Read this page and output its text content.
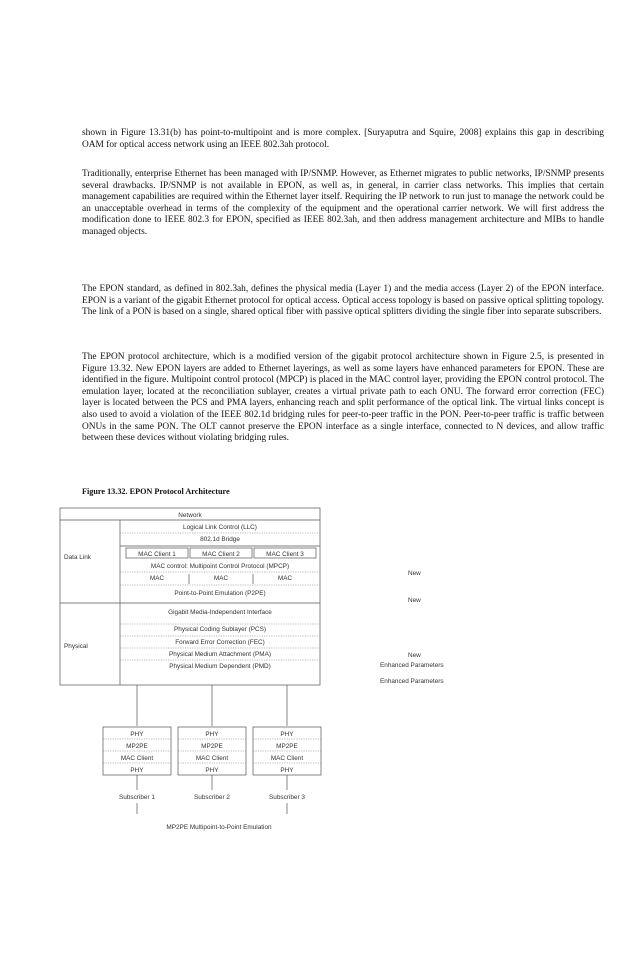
shown in Figure 13.31(b) has point-to-multipoint and is more complex. [Suryaputra and Squire, 2008] explains this gap in describing OAM for optical access network using an IEEE 802.3ah protocol.

Traditionally, enterprise Ethernet has been managed with IP/SNMP. However, as Ethernet migrates to public networks, IP/SNMP presents several drawbacks. IP/SNMP is not available in EPON, as well as, in general, in carrier class networks. This implies that certain management capabilities are required within the Ethernet layer itself. Requiring the IP network to run just to manage the network could be an unacceptable overhead in terms of the complexity of the equipment and the operational carrier network. We will first address the modification done to IEEE 802.3 for EPON, specified as IEEE 802.3ah, and then address management architecture and MIBs to handle managed objects.

The EPON standard, as defined in 802.3ah, defines the physical media (Layer 1) and the media access (Layer 2) of the EPON interface. EPON is a variant of the gigabit Ethernet protocol for optical access. Optical access topology is based on passive optical splitting topology. The link of a PON is based on a single, shared optical fiber with passive optical splitters dividing the single fiber into separate subscribers.

The EPON protocol architecture, which is a modified version of the gigabit protocol architecture shown in Figure 2.5, is presented in Figure 13.32. New EPON layers are added to Ethernet layerings, as well as some layers have enhanced parameters for EPON. These are identified in the figure. Multipoint control protocol (MPCP) is placed in the MAC control layer, providing the EPON control protocol. The emulation layer, located at the reconciliation sublayer, creates a virtual private path to each ONU. The forward error correction (FEC) layer is located between the PCS and PMA layers, enhancing reach and split performance of the optical link. The virtual links concept is also used to avoid a violation of the IEEE 802.1d bridging rules for peer-to-peer traffic in the PON. Peer-to-peer traffic is traffic between ONUs in the same PON. The OLT cannot preserve the EPON interface as a single interface, connected to N devices, and allow traffic between these devices without violating bridging rules.

Figure 13.32. EPON Protocol Architecture
Network
Logical Link Control (LLC)
802.1d Bridge
MAC Client 1	MAC Client 2	MAC Client 3
MAC control: Multipoint Control Protocol (MPCP)
MAC	MAC	MAC
Point-to-Point Emulation (P2PE)
Gigabit Media-Independent Interface
Physical Coding Sublayer (PCS)
Forward Error Correction (FEC)
Physical Medium Attachment (PMA)
Physical Medium Dependent (PMD)
Data Link
Physical
New
New
New
Enhanced Parameters
Enhanced Parameters
PHY
MP2PE
MAC Client
PHY
PHY
MP2PE
MAC Client
PHY
PHY
MP2PE
MAC Client
PHY
Subscriber 1	Subscriber 2	Subscriber 3
MP2PE Multipoint-to-Point Emulation
